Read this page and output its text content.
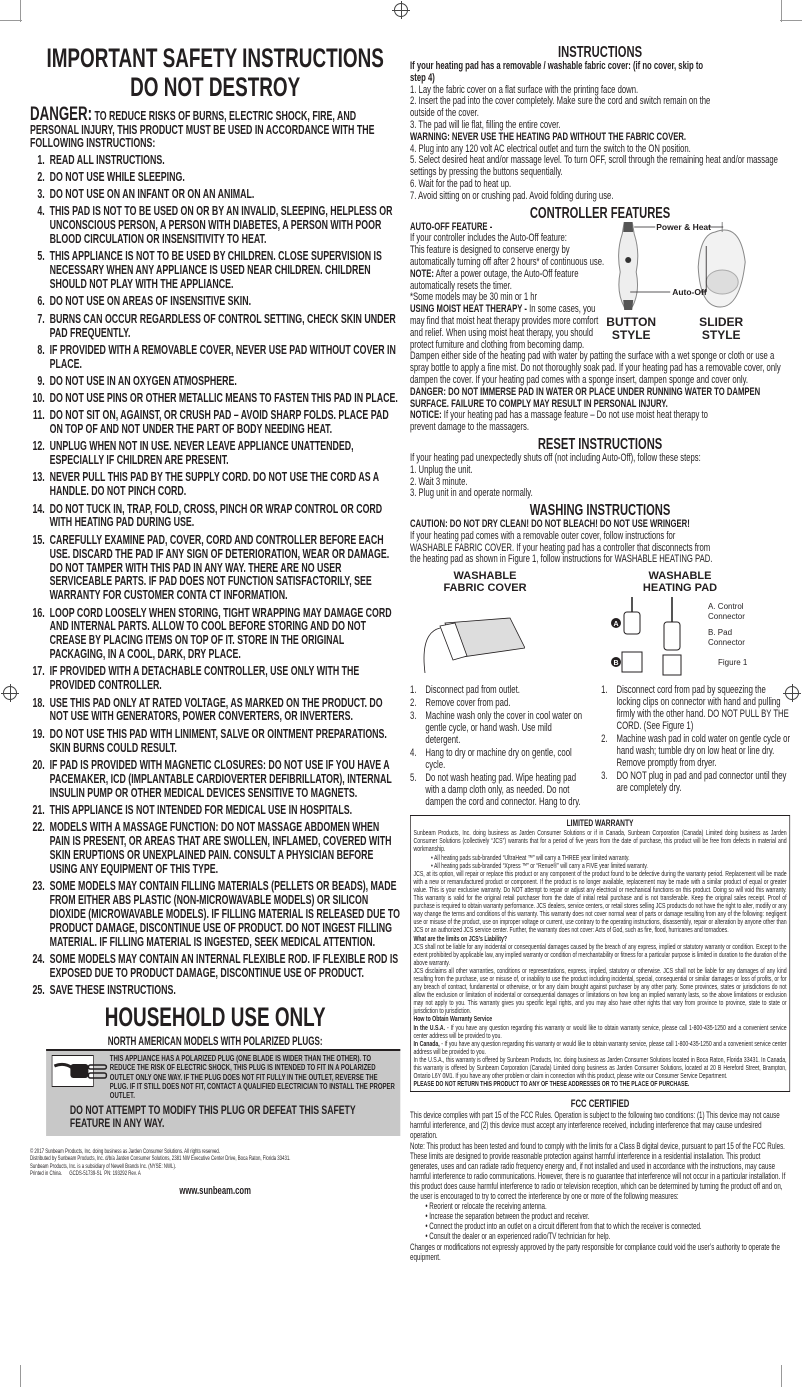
IMPORTANT SAFETY INSTRUCTIONS
DO NOT DESTROY
DANGER: TO REDUCE RISKS OF BURNS, ELECTRIC SHOCK, FIRE, AND PERSONAL INJURY, THIS PRODUCT MUST BE USED IN ACCORDANCE WITH THE FOLLOWING INSTRUCTIONS:
1. READ ALL INSTRUCTIONS.
2. DO NOT USE WHILE SLEEPING.
3. DO NOT USE ON AN INFANT OR ON AN ANIMAL.
4. THIS PAD IS NOT TO BE USED ON OR BY AN INVALID, SLEEPING, HELPLESS OR UNCONSCIOUS PERSON, A PERSON WITH DIABETES, A PERSON WITH POOR BLOOD CIRCULATION OR INSENSITIVITY TO HEAT.
5. THIS APPLIANCE IS NOT TO BE USED BY CHILDREN. CLOSE SUPERVISION IS NECESSARY WHEN ANY APPLIANCE IS USED NEAR CHILDREN. CHILDREN SHOULD NOT PLAY WITH THE APPLIANCE.
6. DO NOT USE ON AREAS OF INSENSITIVE SKIN.
7. BURNS CAN OCCUR REGARDLESS OF CONTROL SETTING, CHECK SKIN UNDER PAD FREQUENTLY.
8. IF PROVIDED WITH A REMOVABLE COVER, NEVER USE PAD WITHOUT COVER IN PLACE.
9. DO NOT USE IN AN OXYGEN ATMOSPHERE.
10. DO NOT USE PINS OR OTHER METALLIC MEANS TO FASTEN THIS PAD IN PLACE.
11. DO NOT SIT ON, AGAINST, OR CRUSH PAD – AVOID SHARP FOLDS. PLACE PAD ON TOP OF AND NOT UNDER THE PART OF BODY NEEDING HEAT.
12. UNPLUG WHEN NOT IN USE. NEVER LEAVE APPLIANCE UNATTENDED, ESPECIALLY IF CHILDREN ARE PRESENT.
13. NEVER PULL THIS PAD BY THE SUPPLY CORD. DO NOT USE THE CORD AS A HANDLE. DO NOT PINCH CORD.
14. DO NOT TUCK IN, TRAP, FOLD, CROSS, PINCH OR WRAP CONTROL OR CORD WITH HEATING PAD DURING USE.
15. CAREFULLY EXAMINE PAD, COVER, CORD AND CONTROLLER BEFORE EACH USE. DISCARD THE PAD IF ANY SIGN OF DETERIORATION, WEAR OR DAMAGE. DO NOT TAMPER WITH THIS PAD IN ANY WAY. THERE ARE NO USER SERVICEABLE PARTS. IF PAD DOES NOT FUNCTION SATISFACTORILY, SEE WARRANTY FOR CUSTOMER CONTA CT INFORMATION.
16. LOOP CORD LOOSELY WHEN STORING, TIGHT WRAPPING MAY DAMAGE CORD AND INTERNAL PARTS. ALLOW TO COOL BEFORE STORING AND DO NOT CREASE BY PLACING ITEMS ON TOP OF IT. STORE IN THE ORIGINAL PACKAGING, IN A COOL, DARK, DRY PLACE.
17. IF PROVIDED WITH A DETACHABLE CONTROLLER, USE ONLY WITH THE PROVIDED CONTROLLER.
18. USE THIS PAD ONLY AT RATED VOLTAGE, AS MARKED ON THE PRODUCT. DO NOT USE WITH GENERATORS, POWER CONVERTERS, OR INVERTERS.
19. DO NOT USE THIS PAD WITH LINIMENT, SALVE OR OINTMENT PREPARATIONS. SKIN BURNS COULD RESULT.
20. IF PAD IS PROVIDED WITH MAGNETIC CLOSURES: DO NOT USE IF YOU HAVE A PACEMAKER, ICD (IMPLANTABLE CARDIOVERTER DEFIBRILLATOR), INTERNAL INSULIN PUMP OR OTHER MEDICAL DEVICES SENSITIVE TO MAGNETS.
21. THIS APPLIANCE IS NOT INTENDED FOR MEDICAL USE IN HOSPITALS.
22. MODELS WITH A MASSAGE FUNCTION: DO NOT MASSAGE ABDOMEN WHEN PAIN IS PRESENT, OR AREAS THAT ARE SWOLLEN, INFLAMED, COVERED WITH SKIN ERUPTIONS OR UNEXPLAINED PAIN. CONSULT A PHYSICIAN BEFORE USING ANY EQUIPMENT OF THIS TYPE.
23. SOME MODELS MAY CONTAIN FILLING MATERIALS (PELLETS OR BEADS), MADE FROM EITHER ABS PLASTIC (NON-MICROWAVABLE MODELS) OR SILICON DIOXIDE (MICROWAVABLE MODELS). IF FILLING MATERIAL IS RELEASED DUE TO PRODUCT DAMAGE, DISCONTINUE USE OF PRODUCT. DO NOT INGEST FILLING MATERIAL. IF FILLING MATERIAL IS INGESTED, SEEK MEDICAL ATTENTION.
24. SOME MODELS MAY CONTAIN AN INTERNAL FLEXIBLE ROD. IF FLEXIBLE ROD IS EXPOSED DUE TO PRODUCT DAMAGE, DISCONTINUE USE OF PRODUCT.
25. SAVE THESE INSTRUCTIONS.
HOUSEHOLD USE ONLY
NORTH AMERICAN MODELS WITH POLARIZED PLUGS:
THIS APPLIANCE HAS A POLARIZED PLUG (ONE BLADE IS WIDER THAN THE OTHER). TO REDUCE THE RISK OF ELECTRIC SHOCK, THIS PLUG IS INTENDED TO FIT IN A POLARIZED OUTLET ONLY ONE WAY. IF THE PLUG DOES NOT FIT FULLY IN THE OUTLET, REVERSE THE PLUG. IF IT STILL DOES NOT FIT, CONTACT A QUALIFIED ELECTRICIAN TO INSTALL THE PROPER OUTLET.
DO NOT ATTEMPT TO MODIFY THIS PLUG OR DEFEAT THIS SAFETY FEATURE IN ANY WAY.
© 2017 Sunbeam Products, Inc. doing business as Jarden Consumer Solutions. All rights reserved.
Distributed by Sunbeam Products, Inc. d/b/a Jarden Consumer Solutions, 2381 NW Executive Center Drive, Boca Raton, Florida 33431.
Sunbeam Products, Inc. is a subsidiary of Newell Brands Inc. (NYSE: NWL).
Printed in China.      GCDS-51739-SL  PN: 193292 Rev. A
www.sunbeam.com
INSTRUCTIONS
If your heating pad has a removable / washable fabric cover: (if no cover, skip to step 4)
1. Lay the fabric cover on a flat surface with the printing face down.
2. Insert the pad into the cover completely. Make sure the cord and switch remain on the outside of the cover.
3. The pad will lie flat, filling the entire cover.
WARNING: NEVER USE THE HEATING PAD WITHOUT THE FABRIC COVER.
4. Plug into any 120 volt AC electrical outlet and turn the switch to the ON position.
5. Select desired heat and/or massage level. To turn OFF, scroll through the remaining heat and/or massage settings by pressing the buttons sequentially.
6. Wait for the pad to heat up.
7. Avoid sitting on or crushing pad. Avoid folding during use.
CONTROLLER FEATURES
Power & Heat
Auto-Off
BUTTON STYLE
SLIDER STYLE
AUTO-OFF FEATURE -
If your controller includes the Auto-Off feature:
This feature is designed to conserve energy by automatically turning off after 2 hours* of continuous use.
NOTE: After a power outage, the Auto-Off feature automatically resets the timer.
*Some models may be 30 min or 1 hr
USING MOIST HEAT THERAPY - In some cases, you may find that moist heat therapy provides more comfort and relief. When using moist heat therapy, you should protect furniture and clothing from becoming damp. Dampen either side of the heating pad with water by patting the surface with a wet sponge or cloth or use a spray bottle to apply a fine mist. Do not thoroughly soak pad. If your heating pad has a removable cover, only dampen the cover. If your heating pad comes with a sponge insert, dampen sponge and cover only.
DANGER: DO NOT IMMERSE PAD IN WATER OR PLACE UNDER RUNNING WATER TO DAMPEN SURFACE. FAILURE TO COMPLY MAY RESULT IN PERSONAL INJURY.
NOTICE: If your heating pad has a massage feature – Do not use moist heat therapy to prevent damage to the massagers.
RESET INSTRUCTIONS
If your heating pad unexpectedly shuts off (not including Auto-Off), follow these steps:
1. Unplug the unit.
2. Wait 3 minute.
3. Plug unit in and operate normally.
WASHING INSTRUCTIONS
CAUTION: DO NOT DRY CLEAN! DO NOT BLEACH! DO NOT USE WRINGER!
If your heating pad comes with a removable outer cover, follow instructions for WASHABLE FABRIC COVER. If your heating pad has a controller that disconnects from the heating pad as shown in Figure 1, follow instructions for WASHABLE HEATING PAD.
WASHABLE FABRIC COVER
WASHABLE HEATING PAD
A
B
A. Control Connector
B. Pad Connector
Figure 1
1. Disconnect pad from outlet.
2. Remove cover from pad.
3. Machine wash only the cover in cool water on gentle cycle, or hand wash. Use mild detergent.
4. Hang to dry or machine dry on gentle, cool cycle.
5. Do not wash heating pad. Wipe heating pad with a damp cloth only, as needed. Do not dampen the cord and connector. Hang to dry.
1. Disconnect cord from pad by squeezing the locking clips on connector with hand and pulling firmly with the other hand. DO NOT PULL BY THE CORD. (See Figure 1)
2. Machine wash pad in cold water on gentle cycle or hand wash; tumble dry on low heat or line dry. Remove promptly from dryer.
3. DO NOT plug in pad and pad connector until they are completely dry.
LIMITED WARRANTY
Sunbeam Products, Inc. doing business as Jarden Consumer Solutions or if in Canada, Sunbeam Corporation (Canada) Limited doing business as Jarden Consumer Solutions (collectively “JCS”) warrants that for a period of five years from the date of purchase, this product will be free from defects in material and workmanship.
• All heating pads sub-branded “UltraHeat ™” will carry a THREE year limited warranty.
• All heating pads sub-branded “Xpress ™” or “Renue®” will carry a FIVE year limited warranty.
JCS, at its option, will repair or replace this product or any component of the product found to be defective during the warranty period. Replacement will be made with a new or remanufactured product or component. If the product is no longer available, replacement may be made with a similar product of equal or greater value. This is your exclusive warranty. Do NOT attempt to repair or adjust any electrical or mechanical functions on this product. Doing so will void this warranty. This warranty is valid for the original retail purchaser from the date of initial retail purchase and is not transferable. Keep the original sales receipt. Proof of purchase is required to obtain warranty performance. JCS dealers, service centers, or retail stores selling JCS products do not have the right to alter, modify or any way change the terms and conditions of this warranty. This warranty does not cover normal wear of parts or damage resulting from any of the following: negligent use or misuse of the product, use on improper voltage or current, use contrary to the operating instructions, disassembly, repair or alteration by anyone other than JCS or an authorized JCS service center. Further, the warranty does not cover: Acts of God, such as fire, flood, hurricanes and tornadoes.
What are the limits on JCS’s Liability?
JCS shall not be liable for any incidental or consequential damages caused by the breach of any express, implied or statutory warranty or condition. Except to the extent prohibited by applicable law, any implied warranty or condition of merchantability or fitness for a particular purpose is limited in duration to the duration of the above warranty.
JCS disclaims all other warranties, conditions or representations, express, implied, statutory or otherwise. JCS shall not be liable for any damages of any kind resulting from the purchase, use or misuse of, or inability to use the product including incidental, special, consequential or similar damages or loss of profits, or for any breach of contract, fundamental or otherwise, or for any claim brought against purchaser by any other party. Some provinces, states or jurisdictions do not allow the exclusion or limitation of incidental or consequential damages or limitations on how long an implied warranty lasts, so the above limitations or exclusion may not apply to you. This warranty gives you specific legal rights, and you may also have other rights that vary from province to province, state to state or jurisdiction to jurisdiction.
How to Obtain Warranty Service
In the U.S.A. - If you have any question regarding this warranty or would like to obtain warranty service, please call 1-800-435-1250 and a convenient service center address will be provided to you.
In Canada, - If you have any question regarding this warranty or would like to obtain warranty service, please call 1-800-435-1250 and a convenient service center address will be provided to you.
In the U.S.A., this warranty is offered by Sunbeam Products, Inc. doing business as Jarden Consumer Solutions located in Boca Raton, Florida 33431. In Canada, this warranty is offered by Sunbeam Corporation (Canada) Limited doing business as Jarden Consumer Solutions, located at 20 B Hereford Street, Brampton, Ontario L6Y 0M1. If you have any other problem or claim in connection with this product, please write our Consumer Service Department.
PLEASE DO NOT RETURN THIS PRODUCT TO ANY OF THESE ADDRESSES OR TO THE PLACE OF PURCHASE.
FCC CERTIFIED
This device complies with part 15 of the FCC Rules. Operation is subject to the following two conditions: (1) This device may not cause harmful interference, and (2) this device must accept any interference received, including interference that may cause undesired operation.
Note: This product has been tested and found to comply with the limits for a Class B digital device, pursuant to part 15 of the FCC Rules. These limits are designed to provide reasonable protection against harmful interference in a residential installation. This product generates, uses and can radiate radio frequency energy and, if not installed and used in accordance with the instructions, may cause harmful interference to radio communications. However, there is no guarantee that interference will not occur in a particular installation. If this product does cause harmful interference to radio or television reception, which can be determined by turning the product off and on, the user is encouraged to try to correct the interference by one or more of the following measures:
• Reorient or relocate the receiving antenna.
• Increase the separation between the product and receiver.
• Connect the product into an outlet on a circuit different from that to which the receiver is connected.
• Consult the dealer or an experienced radio/TV technician for help.
Changes or modifications not expressly approved by the party responsible for compliance could void the user’s authority to operate the equipment.
